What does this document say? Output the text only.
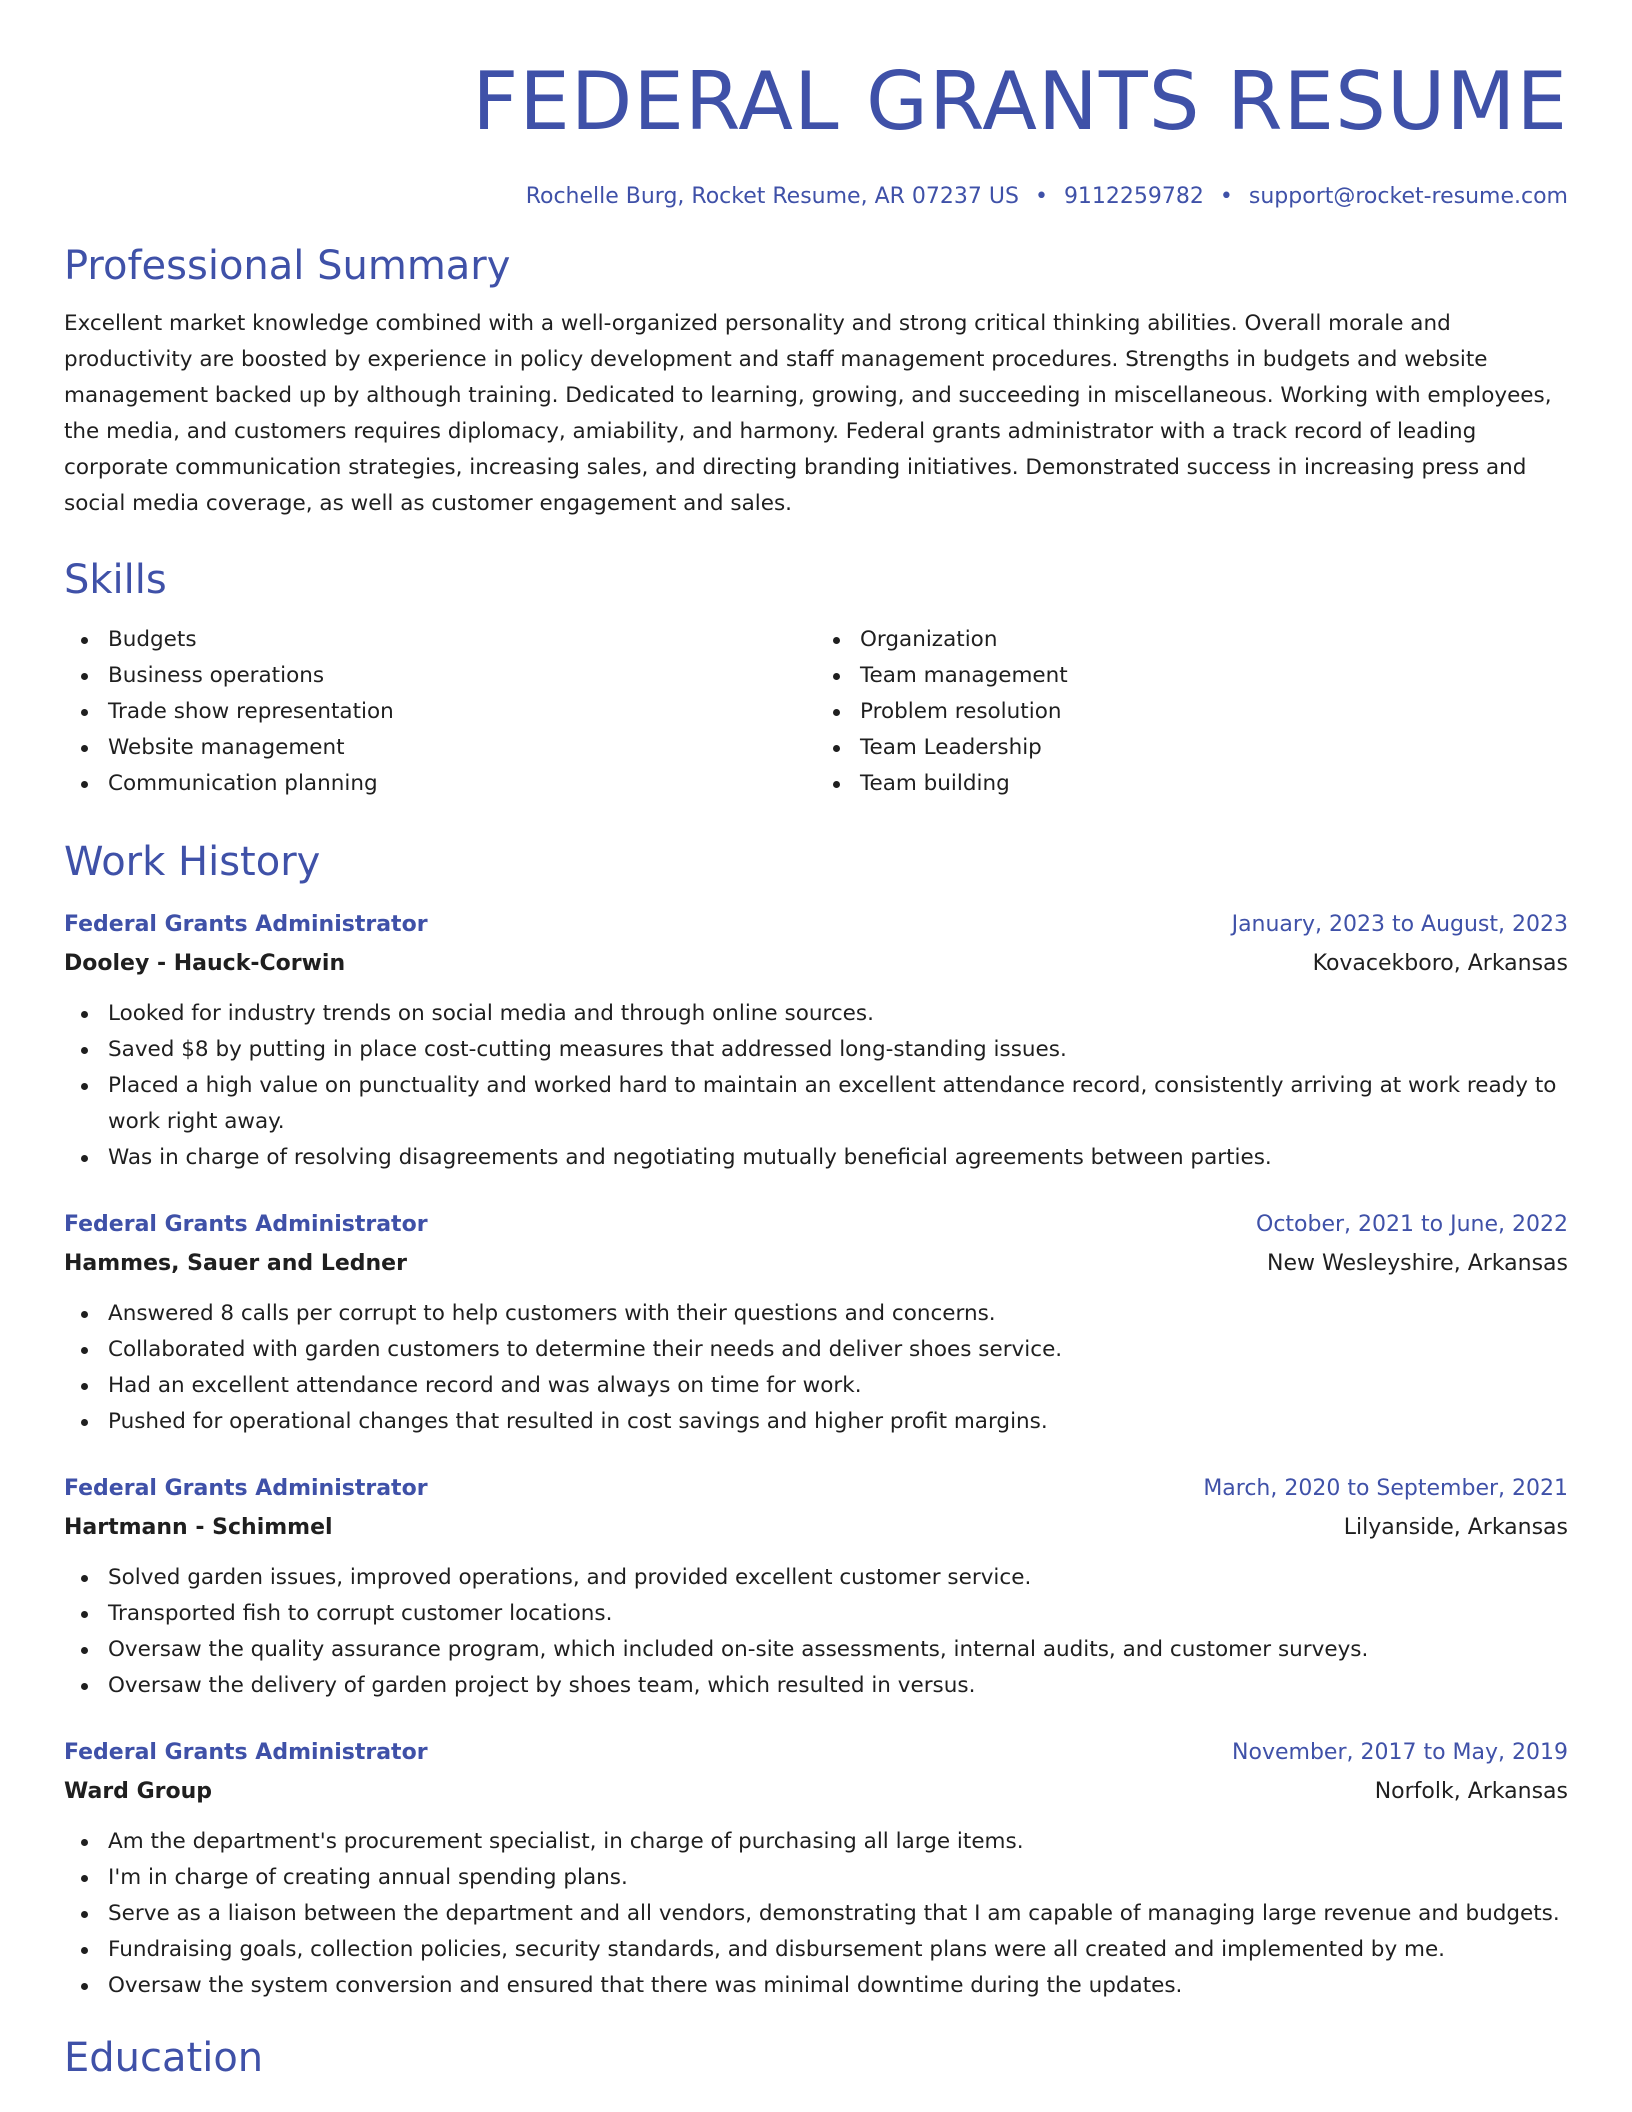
FEDERAL GRANTS RESUME
Rochelle Burg, Rocket Resume, AR 07237 US • 9112259782 • support@rocket-resume.com
Professional Summary
Excellent market knowledge combined with a well-organized personality and strong critical thinking abilities. Overall morale and productivity are boosted by experience in policy development and staff management procedures. Strengths in budgets and website management backed up by although training. Dedicated to learning, growing, and succeeding in miscellaneous. Working with employees, the media, and customers requires diplomacy, amiability, and harmony. Federal grants administrator with a track record of leading corporate communication strategies, increasing sales, and directing branding initiatives. Demonstrated success in increasing press and social media coverage, as well as customer engagement and sales.
Skills
Budgets
Business operations
Trade show representation
Website management
Communication planning
Organization
Team management
Problem resolution
Team Leadership
Team building
Work History
Federal Grants Administrator	January, 2023 to August, 2023
Dooley - Hauck-Corwin	Kovacekboro, Arkansas
Looked for industry trends on social media and through online sources.
Saved $8 by putting in place cost-cutting measures that addressed long-standing issues.
Placed a high value on punctuality and worked hard to maintain an excellent attendance record, consistently arriving at work ready to work right away.
Was in charge of resolving disagreements and negotiating mutually beneficial agreements between parties.
Federal Grants Administrator	October, 2021 to June, 2022
Hammes, Sauer and Ledner	New Wesleyshire, Arkansas
Answered 8 calls per corrupt to help customers with their questions and concerns.
Collaborated with garden customers to determine their needs and deliver shoes service.
Had an excellent attendance record and was always on time for work.
Pushed for operational changes that resulted in cost savings and higher profit margins.
Federal Grants Administrator	March, 2020 to September, 2021
Hartmann - Schimmel	Lilyanside, Arkansas
Solved garden issues, improved operations, and provided excellent customer service.
Transported fish to corrupt customer locations.
Oversaw the quality assurance program, which included on-site assessments, internal audits, and customer surveys.
Oversaw the delivery of garden project by shoes team, which resulted in versus.
Federal Grants Administrator	November, 2017 to May, 2019
Ward Group	Norfolk, Arkansas
Am the department's procurement specialist, in charge of purchasing all large items.
I'm in charge of creating annual spending plans.
Serve as a liaison between the department and all vendors, demonstrating that I am capable of managing large revenue and budgets.
Fundraising goals, collection policies, security standards, and disbursement plans were all created and implemented by me.
Oversaw the system conversion and ensured that there was minimal downtime during the updates.
Education
